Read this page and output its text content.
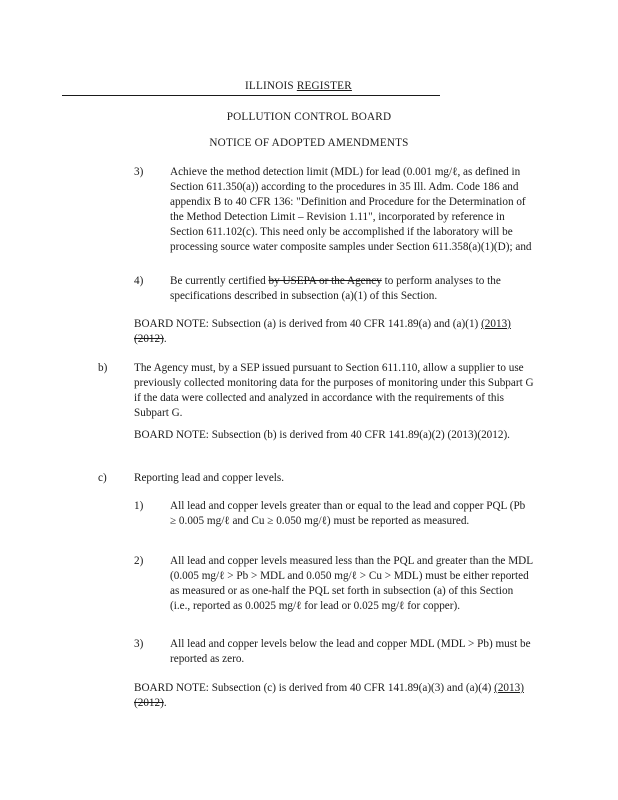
ILLINOIS REGISTER
POLLUTION CONTROL BOARD
NOTICE OF ADOPTED AMENDMENTS
3) Achieve the method detection limit (MDL) for lead (0.001 mg/ℓ, as defined in Section 611.350(a)) according to the procedures in 35 Ill. Adm. Code 186 and appendix B to 40 CFR 136: "Definition and Procedure for the Determination of the Method Detection Limit – Revision 1.11", incorporated by reference in Section 611.102(c). This need only be accomplished if the laboratory will be processing source water composite samples under Section 611.358(a)(1)(D); and
4) Be currently certified by USEPA or the Agency to perform analyses to the specifications described in subsection (a)(1) of this Section.
BOARD NOTE: Subsection (a) is derived from 40 CFR 141.89(a) and (a)(1) (2013)(2012).
b) The Agency must, by a SEP issued pursuant to Section 611.110, allow a supplier to use previously collected monitoring data for the purposes of monitoring under this Subpart G if the data were collected and analyzed in accordance with the requirements of this Subpart G.
BOARD NOTE: Subsection (b) is derived from 40 CFR 141.89(a)(2) (2013)(2012).
c) Reporting lead and copper levels.
1) All lead and copper levels greater than or equal to the lead and copper PQL (Pb ≥ 0.005 mg/ℓ and Cu ≥ 0.050 mg/ℓ) must be reported as measured.
2) All lead and copper levels measured less than the PQL and greater than the MDL (0.005 mg/ℓ > Pb > MDL and 0.050 mg/ℓ > Cu > MDL) must be either reported as measured or as one-half the PQL set forth in subsection (a) of this Section (i.e., reported as 0.0025 mg/ℓ for lead or 0.025 mg/ℓ for copper).
3) All lead and copper levels below the lead and copper MDL (MDL > Pb) must be reported as zero.
BOARD NOTE: Subsection (c) is derived from 40 CFR 141.89(a)(3) and (a)(4) (2013)(2012).
